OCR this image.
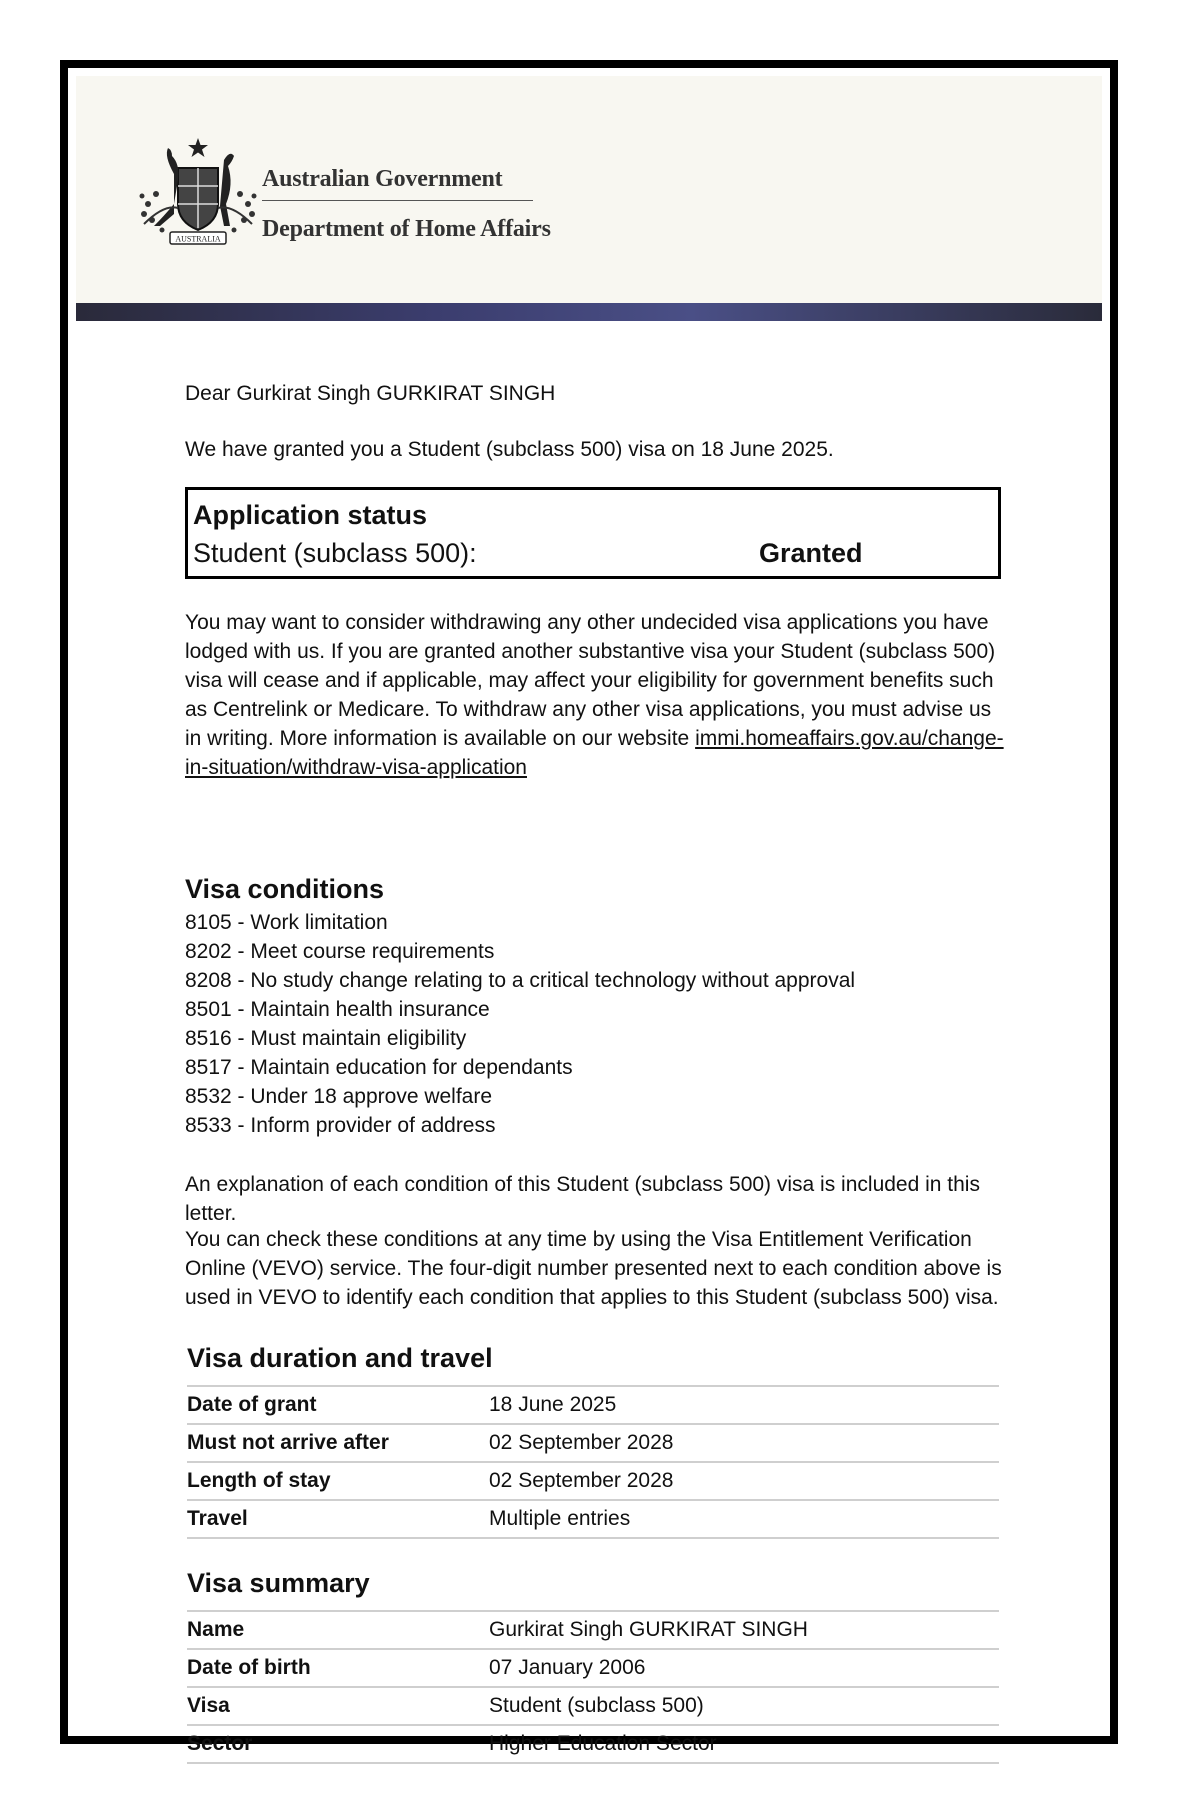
AUSTRALIA
Australian Government
Department of Home Affairs
Dear Gurkirat Singh GURKIRAT SINGH
We have granted you a Student (subclass 500) visa on 18 June 2025.
Application status
Student (subclass 500):	Granted
You may want to consider withdrawing any other undecided visa applications you have lodged with us. If you are granted another substantive visa your Student (subclass 500) visa will cease and if applicable, may affect your eligibility for government benefits such as Centrelink or Medicare. To withdraw any other visa applications, you must advise us in writing. More information is available on our website immi.homeaffairs.gov.au/change-in-situation/withdraw-visa-application
Visa conditions
8105 - Work limitation
8202 - Meet course requirements
8208 - No study change relating to a critical technology without approval
8501 - Maintain health insurance
8516 - Must maintain eligibility
8517 - Maintain education for dependants
8532 - Under 18 approve welfare
8533 - Inform provider of address
An explanation of each condition of this Student (subclass 500) visa is included in this letter.
You can check these conditions at any time by using the Visa Entitlement Verification Online (VEVO) service. The four-digit number presented next to each condition above is used in VEVO to identify each condition that applies to this Student (subclass 500) visa.
Visa duration and travel
Date of grant	18 June 2025
Must not arrive after	02 September 2028
Length of stay	02 September 2028
Travel	Multiple entries
Visa summary
Name	Gurkirat Singh GURKIRAT SINGH
Date of birth	07 January 2006
Visa	Student (subclass 500)
Sector	Higher Education Sector
